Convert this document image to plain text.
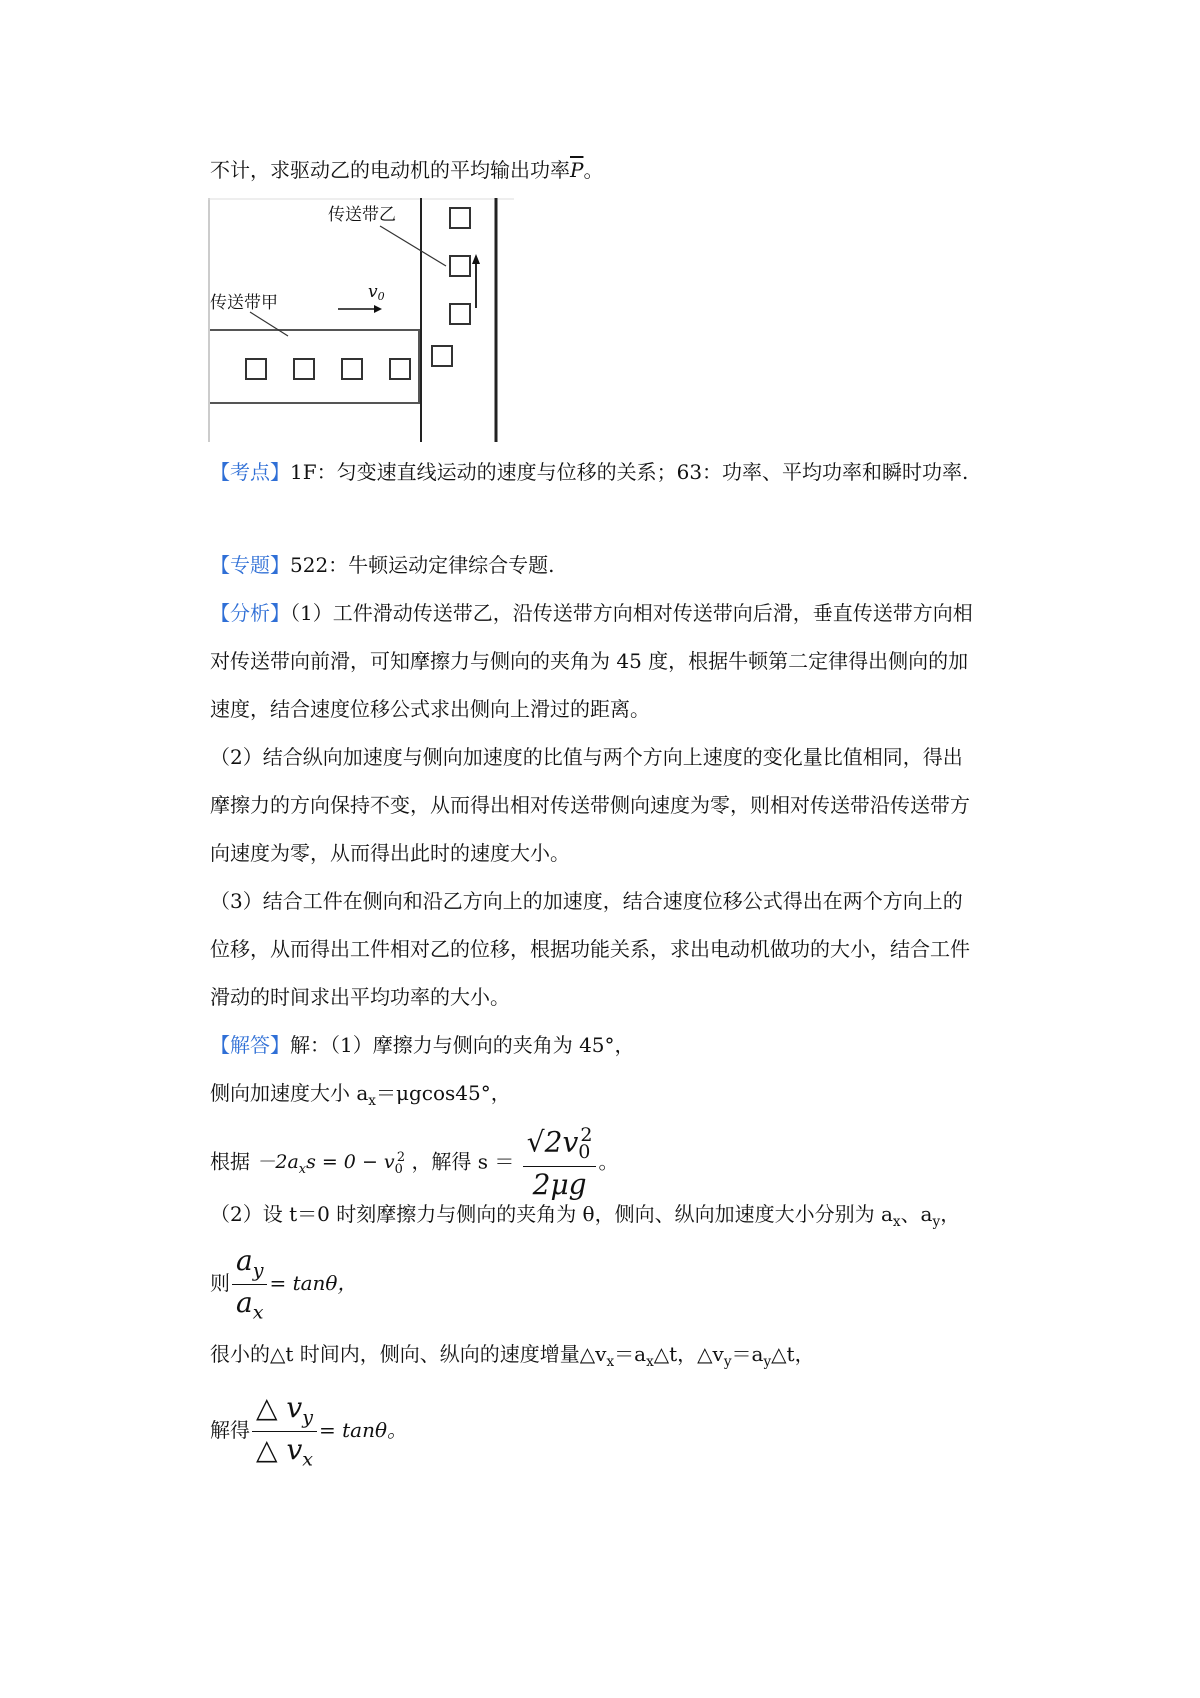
不计，求驱动乙的电动机的平均输出功率$\overline{P}$。
传送带乙
传送带甲
v0
【考点】1F：匀变速直线运动的速度与位移的关系；63：功率、平均功率和瞬时功率.
【专题】522：牛顿运动定律综合专题.
【分析】（1）工件滑动传送带乙，沿传送带方向相对传送带向后滑，垂直传送带方向相
对传送带向前滑，可知摩擦力与侧向的夹角为 45 度，根据牛顿第二定律得出侧向的加
速度，结合速度位移公式求出侧向上滑过的距离。
（2）结合纵向加速度与侧向加速度的比值与两个方向上速度的变化量比值相同，得出
摩擦力的方向保持不变，从而得出相对传送带侧向速度为零，则相对传送带沿传送带方
向速度为零，从而得出此时的速度大小。
（3）结合工件在侧向和沿乙方向上的加速度，结合速度位移公式得出在两个方向上的
位移，从而得出工件相对乙的位移，根据功能关系，求出电动机做功的大小，结合工件
滑动的时间求出平均功率的大小。
【解答】解：（1）摩擦力与侧向的夹角为 45°，
侧向加速度大小 $a_x=\mu gcos45^\circ$，
根据 $-2a_xs = 0 - v_0^2$ ，解得 $s = \frac{√2v_0^2}{2\mu g}$ 。
（2）设 t＝0 时刻摩擦力与侧向的夹角为 θ，侧向、纵向加速度大小分别为 $a_x$、$a_y$，
则 $\frac{a_y}{a_x} = \tan\theta$，
很小的△t 时间内，侧向、纵向的速度增量$\triangle v_x=a_x\triangle t$，$\triangle v_y=a_y\triangle t$，
解得 $\frac{\triangle v_y}{\triangle v_x} = \tan\theta$。
